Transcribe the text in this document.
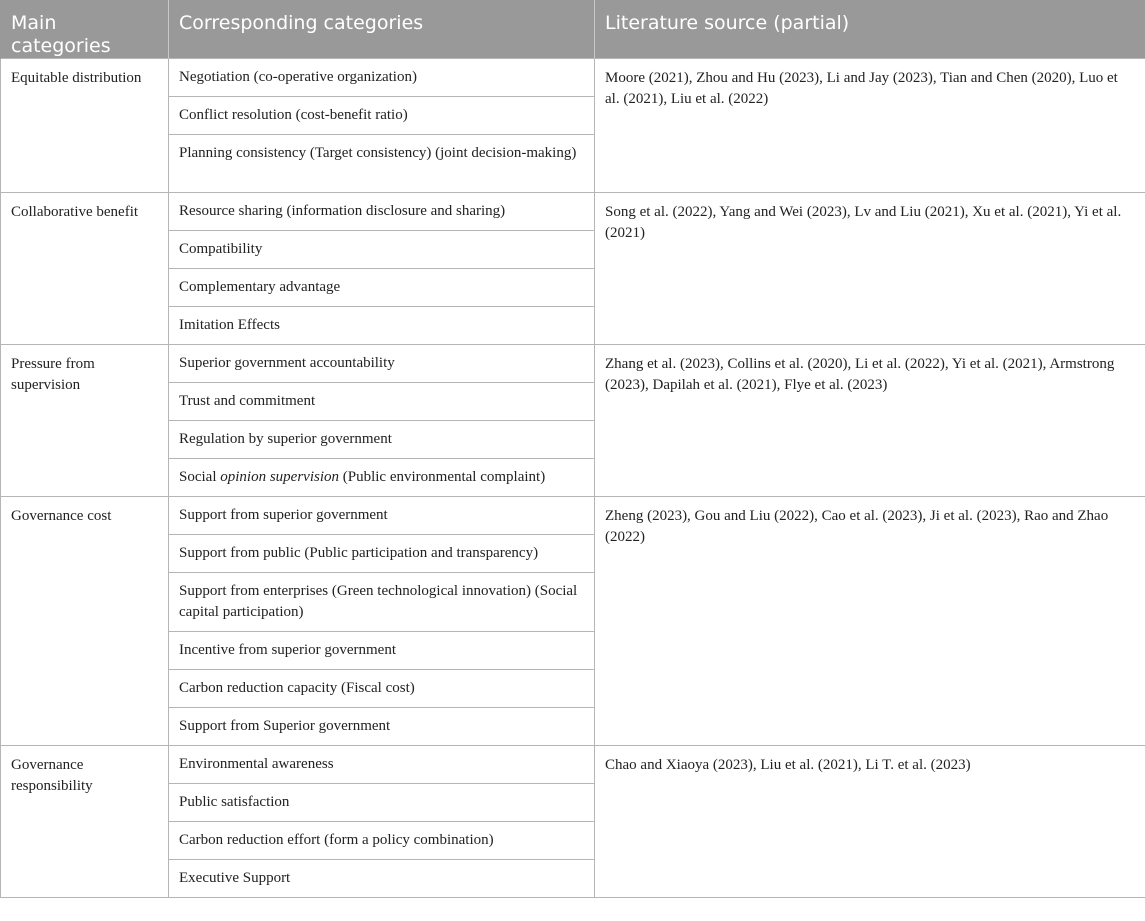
Main categories	Corresponding categories	Literature source (partial)
Equitable distribution	Negotiation (co-operative organization)	Moore (2021), Zhou and Hu (2023), Li and Jay (2023), Tian and Chen (2020), Luo et al. (2021), Liu et al. (2022)
	Conflict resolution (cost-benefit ratio)	
	Planning consistency (Target consistency) (joint decision-making)	
Collaborative benefit	Resource sharing (information disclosure and sharing)	Song et al. (2022), Yang and Wei (2023), Lv and Liu (2021), Xu et al. (2021), Yi et al. (2021)
	Compatibility	
	Complementary advantage	
	Imitation Effects	
Pressure from supervision	Superior government accountability	Zhang et al. (2023), Collins et al. (2020), Li et al. (2022), Yi et al. (2021), Armstrong (2023), Dapilah et al. (2021), Flye et al. (2023)
	Trust and commitment	
	Regulation by superior government	
	Social opinion supervision (Public environmental complaint)	
Governance cost	Support from superior government	Zheng (2023), Gou and Liu (2022), Cao et al. (2023), Ji et al. (2023), Rao and Zhao (2022)
	Support from public (Public participation and transparency)	
	Support from enterprises (Green technological innovation) (Social capital participation)	
	Incentive from superior government	
	Carbon reduction capacity (Fiscal cost)	
	Support from Superior government	
Governance responsibility	Environmental awareness	Chao and Xiaoya (2023), Liu et al. (2021), Li T. et al. (2023)
	Public satisfaction	
	Carbon reduction effort (form a policy combination)	
	Executive Support	
